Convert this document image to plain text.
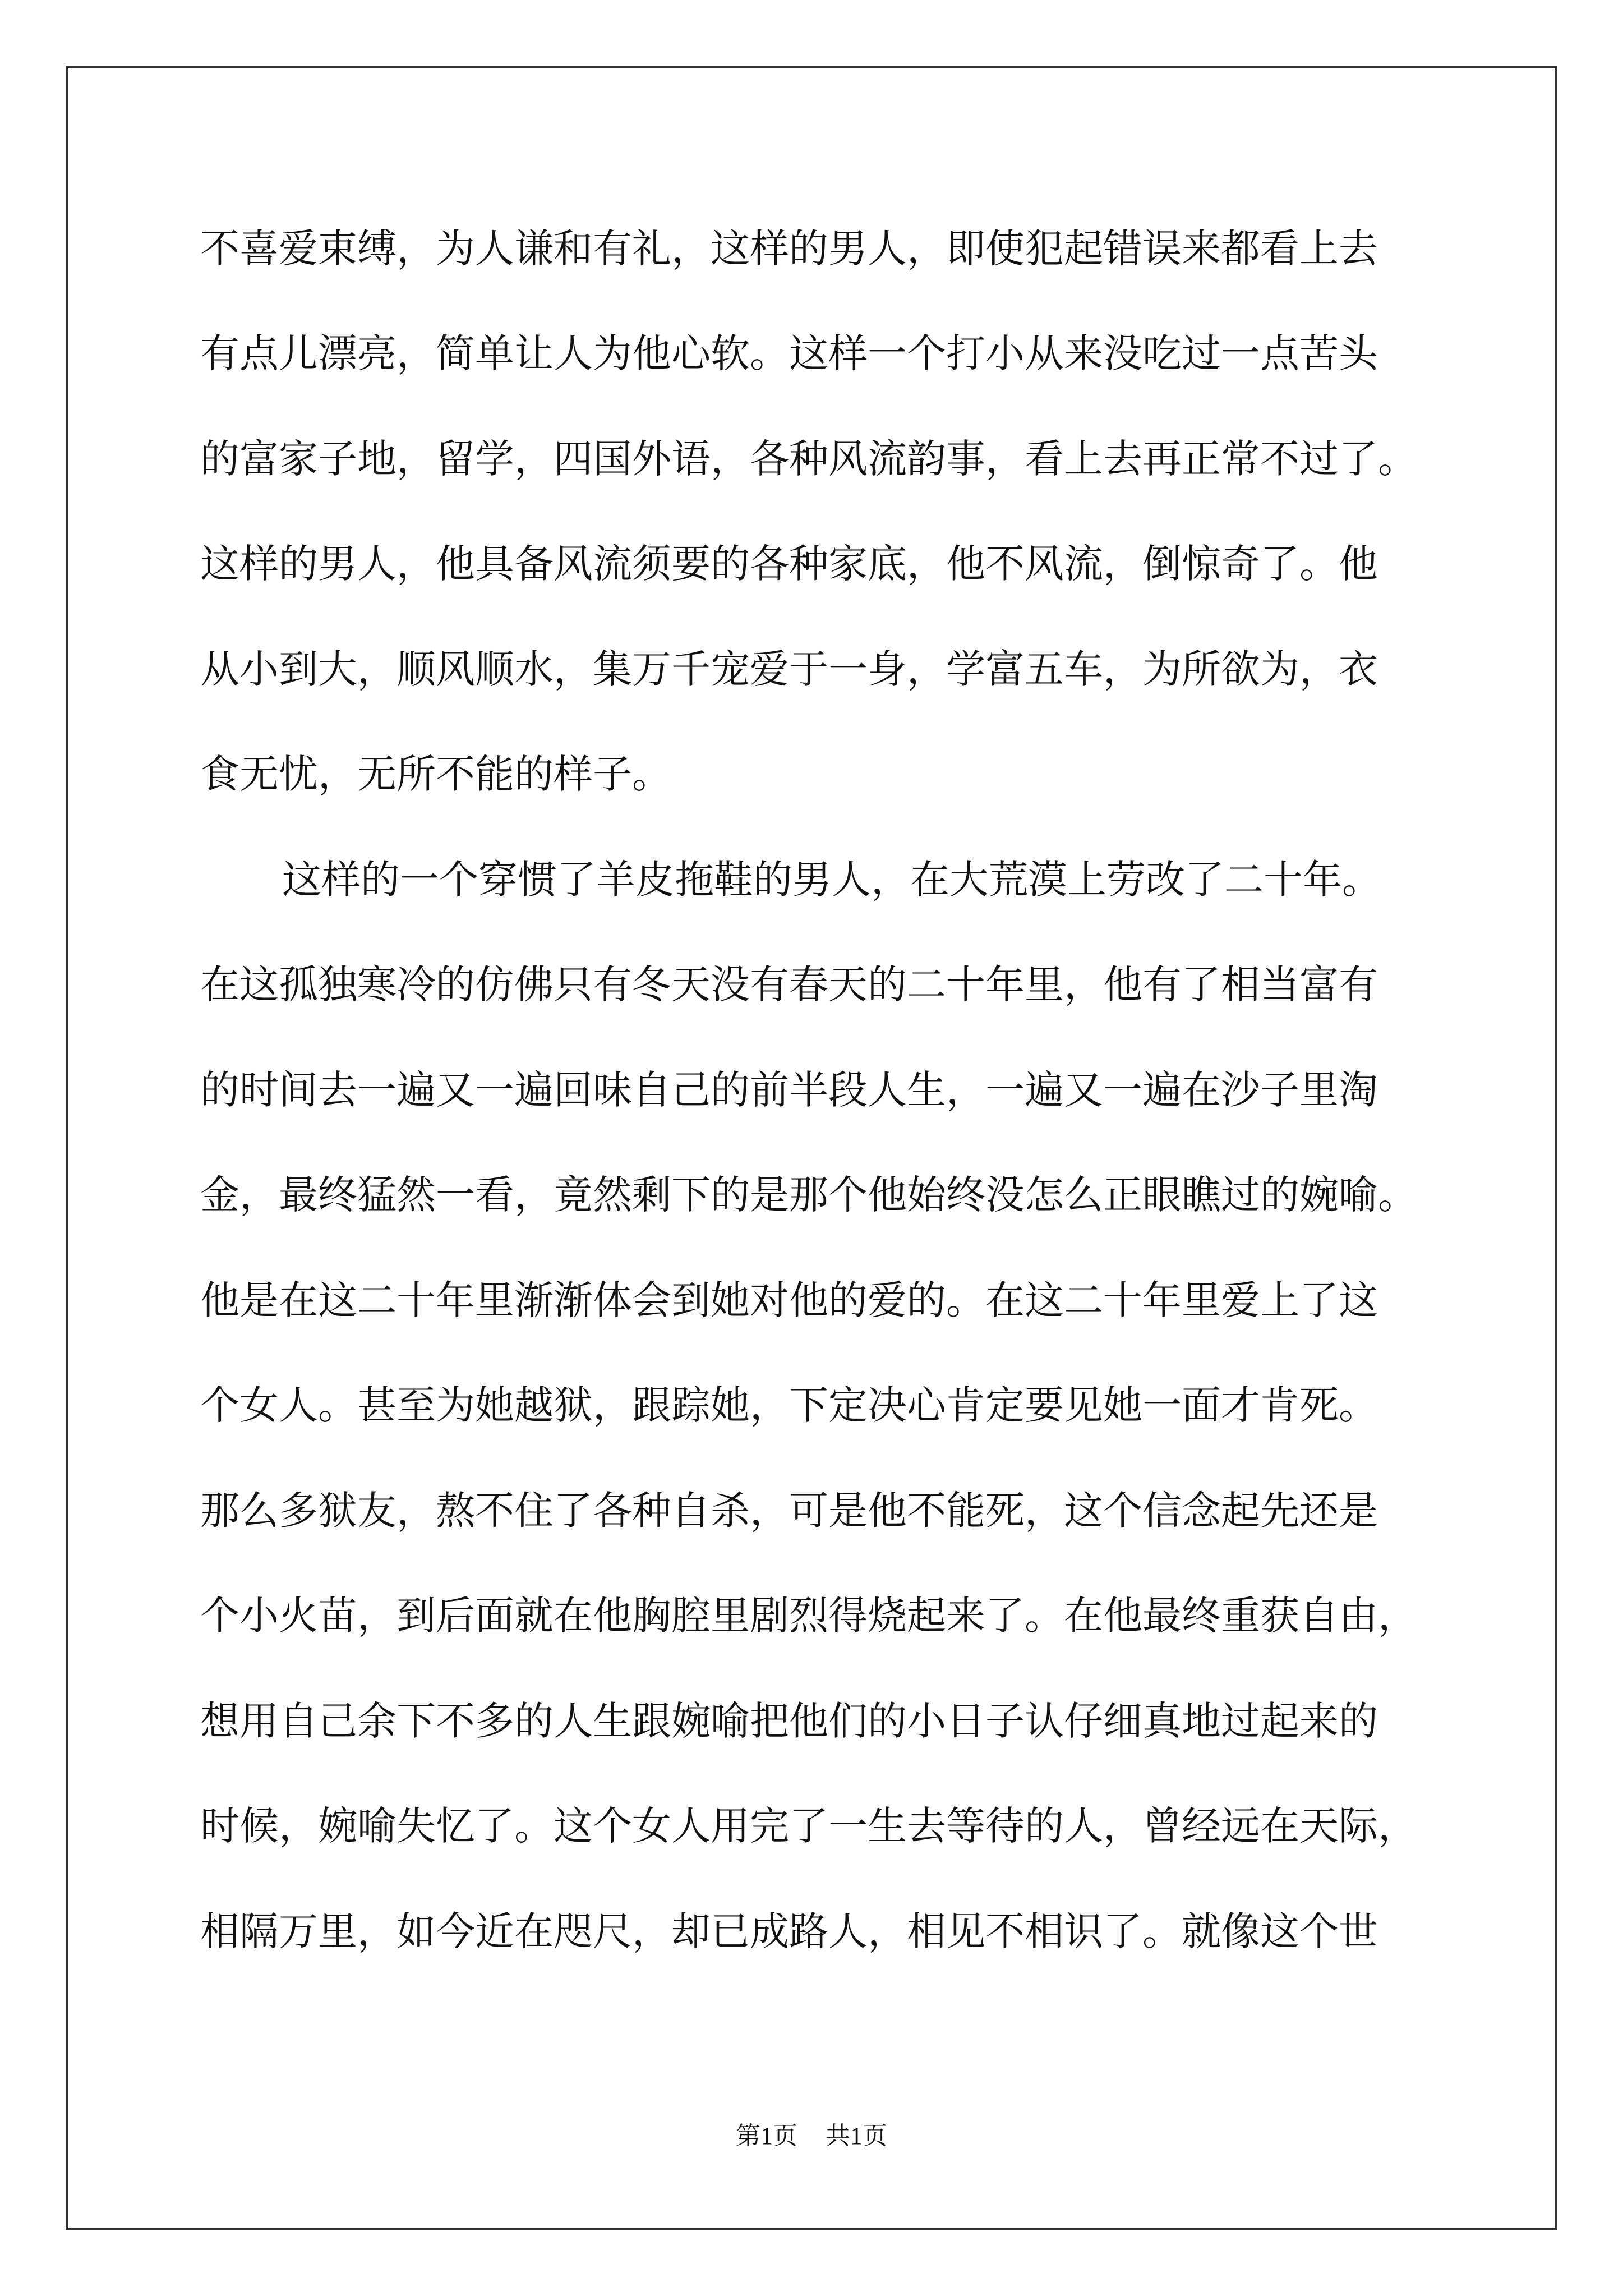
不喜爱束缚，为人谦和有礼，这样的男人，即使犯起错误来都看上去
有点儿漂亮，简单让人为他心软。这样一个打小从来没吃过一点苦头
的富家子地，留学，四国外语，各种风流韵事，看上去再正常不过了。
这样的男人，他具备风流须要的各种家底，他不风流，倒惊奇了。他
从小到大，顺风顺水，集万千宠爱于一身，学富五车，为所欲为，衣
食无忧，无所不能的样子。
这样的一个穿惯了羊皮拖鞋的男人，在大荒漠上劳改了二十年。
在这孤独寒冷的仿佛只有冬天没有春天的二十年里，他有了相当富有
的时间去一遍又一遍回味自己的前半段人生，一遍又一遍在沙子里淘
金，最终猛然一看，竟然剩下的是那个他始终没怎么正眼瞧过的婉喻。
他是在这二十年里渐渐体会到她对他的爱的。在这二十年里爱上了这
个女人。甚至为她越狱，跟踪她，下定决心肯定要见她一面才肯死。
那么多狱友，熬不住了各种自杀，可是他不能死，这个信念起先还是
个小火苗，到后面就在他胸腔里剧烈得烧起来了。在他最终重获自由，
想用自己余下不多的人生跟婉喻把他们的小日子认仔细真地过起来的
时候，婉喻失忆了。这个女人用完了一生去等待的人，曾经远在天际，
相隔万里，如今近在咫尺，却已成路人，相见不相识了。就像这个世
第1页 共1页
